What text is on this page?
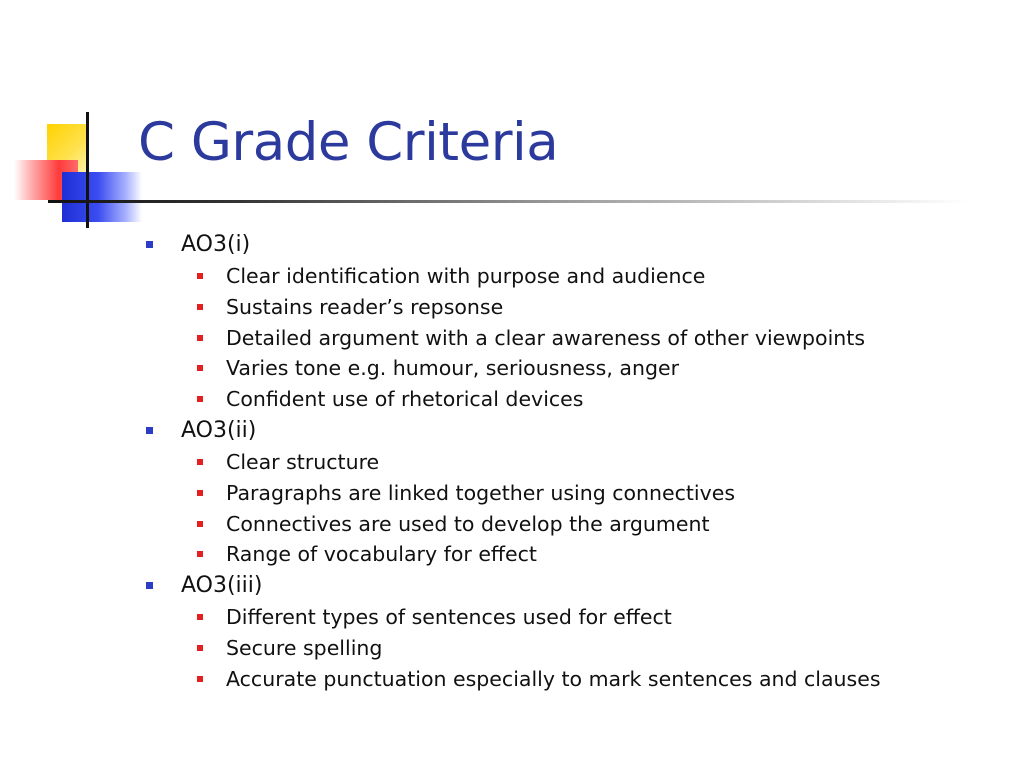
C Grade Criteria
AO3(i)
Clear identification with purpose and audience
Sustains reader’s repsonse
Detailed argument with a clear awareness of other viewpoints
Varies tone e.g. humour, seriousness, anger
Confident use of rhetorical devices
AO3(ii)
Clear structure
Paragraphs are linked together using connectives
Connectives are used to develop the argument
Range of vocabulary for effect
AO3(iii)
Different types of sentences used for effect
Secure spelling
Accurate punctuation especially to mark sentences and clauses
